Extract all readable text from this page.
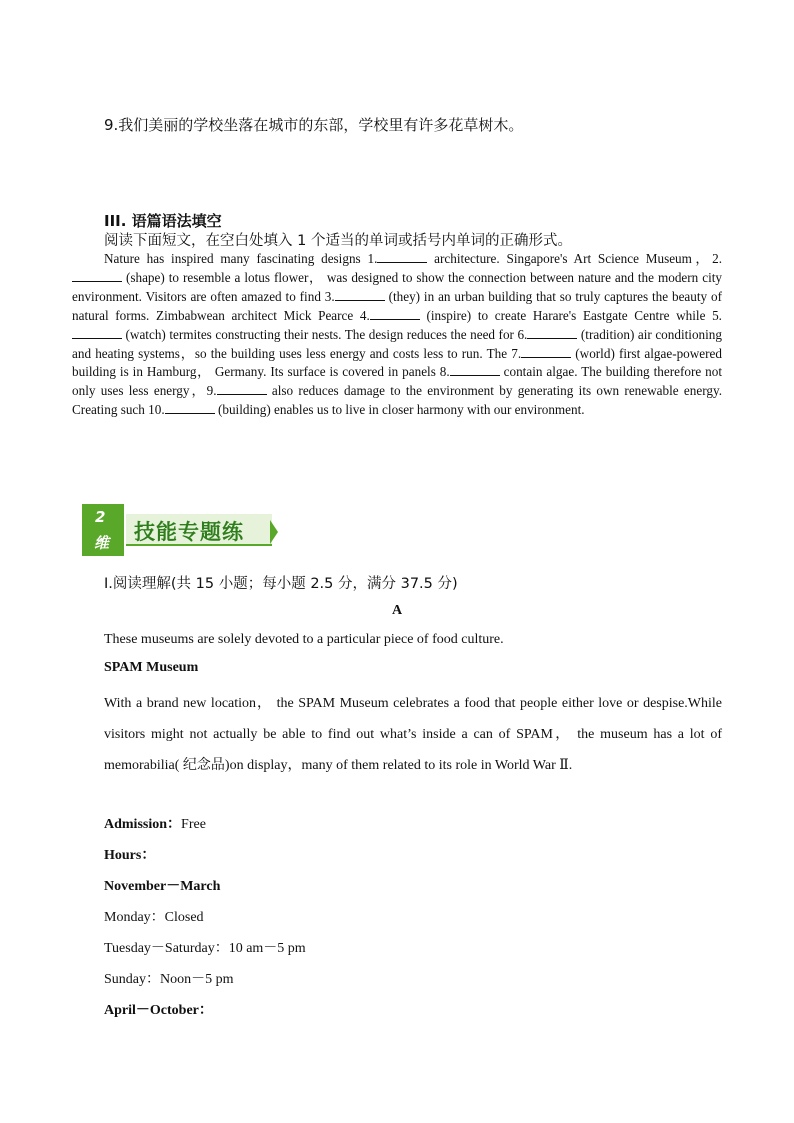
9.我们美丽的学校坐落在城市的东部，学校里有许多花草树木。
III. 语篇语法填空
阅读下面短文，在空白处填入 1 个适当的单词或括号内单词的正确形式。

Nature has inspired many fascinating designs 1.	architecture. Singapore's Art Science Museum，2. (shape) to resemble a lotus flower， was designed to show the connection between nature and the modern city environment. Visitors are often amazed to find 3.	(they) in an urban building that so truly captures the beauty of natural forms. Zimbabwean architect Mick Pearce 4.	(inspire) to create Harare's Eastgate Centre while 5. (watch) termites constructing their nests. The design reduces the need for 6.	(tradition) air conditioning and heating systems，so the building uses less energy and costs less to run. The 7.	(world) first algae-powered building is in Hamburg， Germany. Its surface is covered in panels 8.	contain algae. The building therefore not only uses less energy，9.	also reduces damage to the environment by generating its own renewable energy. Creating such 10.	(building) enables us to live in closer harmony with our environment.

2
维 技能专题练
Ⅰ.阅读理解(共 15 小题；每小题 2.5 分，满分 37.5 分)
A
These museums are solely devoted to a particular piece of food culture.
SPAM Museum

With a brand new location， the SPAM Museum celebrates a food that people either love or despise.While visitors might not actually be able to find out what’s inside a can of SPAM， the museum has a lot of memorabilia( 纪念品)on display，many of them related to its role in World War Ⅱ.

Admission：Free
Hours：
November－March
Monday：Closed
Tuesday－Saturday：10 am－5 pm
Sunday：Noon－5 pm
April－October：
